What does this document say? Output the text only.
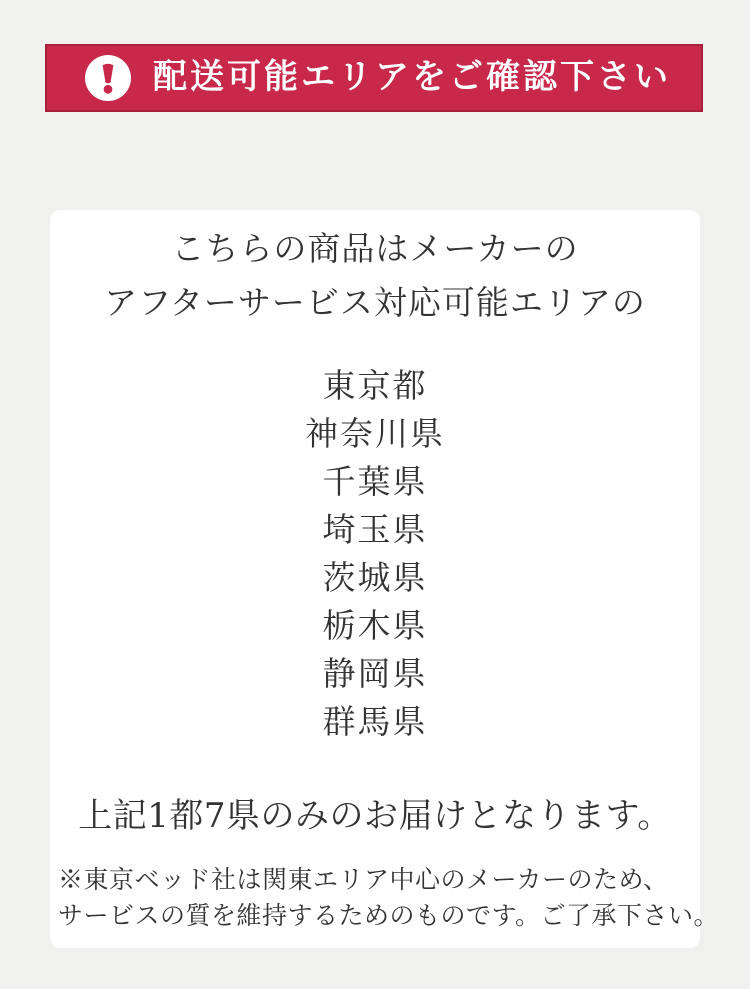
配送可能エリアをご確認下さい
こちらの商品はメーカーの
アフターサービス対応可能エリアの
東京都
神奈川県
千葉県
埼玉県
茨城県
栃木県
静岡県
群馬県
上記1都7県のみのお届けとなります。
※東京ベッド社は関東エリア中心のメーカーのため、
サービスの質を維持するためのものです。ご了承下さい。
